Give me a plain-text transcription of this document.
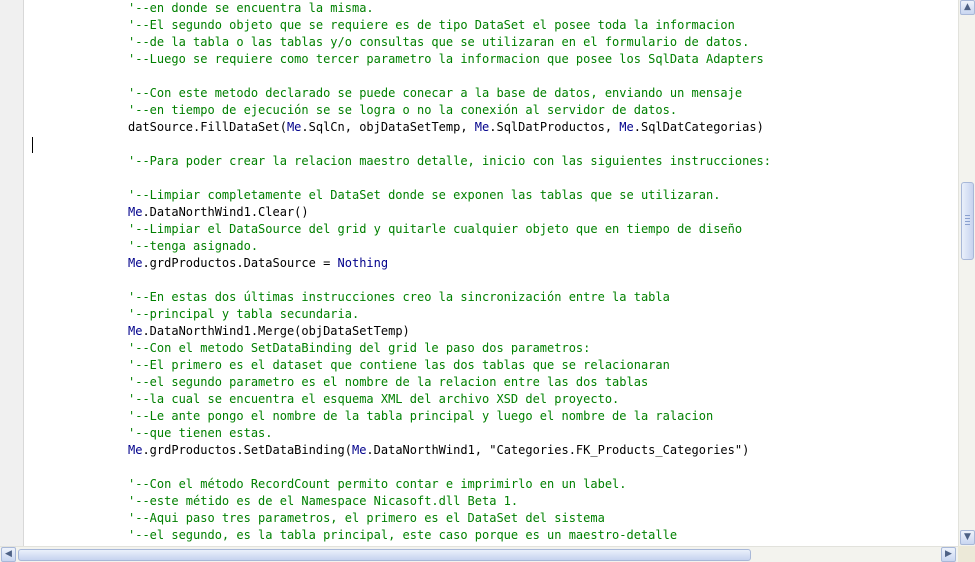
'--en donde se encuentra la misma.
'--El segundo objeto que se requiere es de tipo DataSet el posee toda la informacion
'--de la tabla o las tablas y/o consultas que se utilizaran en el formulario de datos.
'--Luego se requiere como tercer parametro la informacion que posee los SqlData Adapters
'--Con este metodo declarado se puede conecar a la base de datos, enviando un mensaje
'--en tiempo de ejecución se se logra o no la conexión al servidor de datos.
datSource.FillDataSet(Me.SqlCn, objDataSetTemp, Me.SqlDatProductos, Me.SqlDatCategorias)
'--Para poder crear la relacion maestro detalle, inicio con las siguientes instrucciones:
'--Limpiar completamente el DataSet donde se exponen las tablas que se utilizaran.
Me.DataNorthWind1.Clear()
'--Limpiar el DataSource del grid y quitarle cualquier objeto que en tiempo de diseño
'--tenga asignado.
Me.grdProductos.DataSource = Nothing
'--En estas dos últimas instrucciones creo la sincronización entre la tabla
'--principal y tabla secundaria.
Me.DataNorthWind1.Merge(objDataSetTemp)
'--Con el metodo SetDataBinding del grid le paso dos parametros:
'--El primero es el dataset que contiene las dos tablas que se relacionaran
'--el segundo parametro es el nombre de la relacion entre las dos tablas
'--la cual se encuentra el esquema XML del archivo XSD del proyecto.
'--Le ante pongo el nombre de la tabla principal y luego el nombre de la ralacion
'--que tienen estas.
Me.grdProductos.SetDataBinding(Me.DataNorthWind1, "Categories.FK_Products_Categories")
'--Con el método RecordCount permito contar e imprimirlo en un label.
'--este métido es de el Namespace Nicasoft.dll Beta 1.
'--Aqui paso tres parametros, el primero es el DataSet del sistema
'--el segundo, es la tabla principal, este caso porque es un maestro-detalle
▲
▼
◀	▶
